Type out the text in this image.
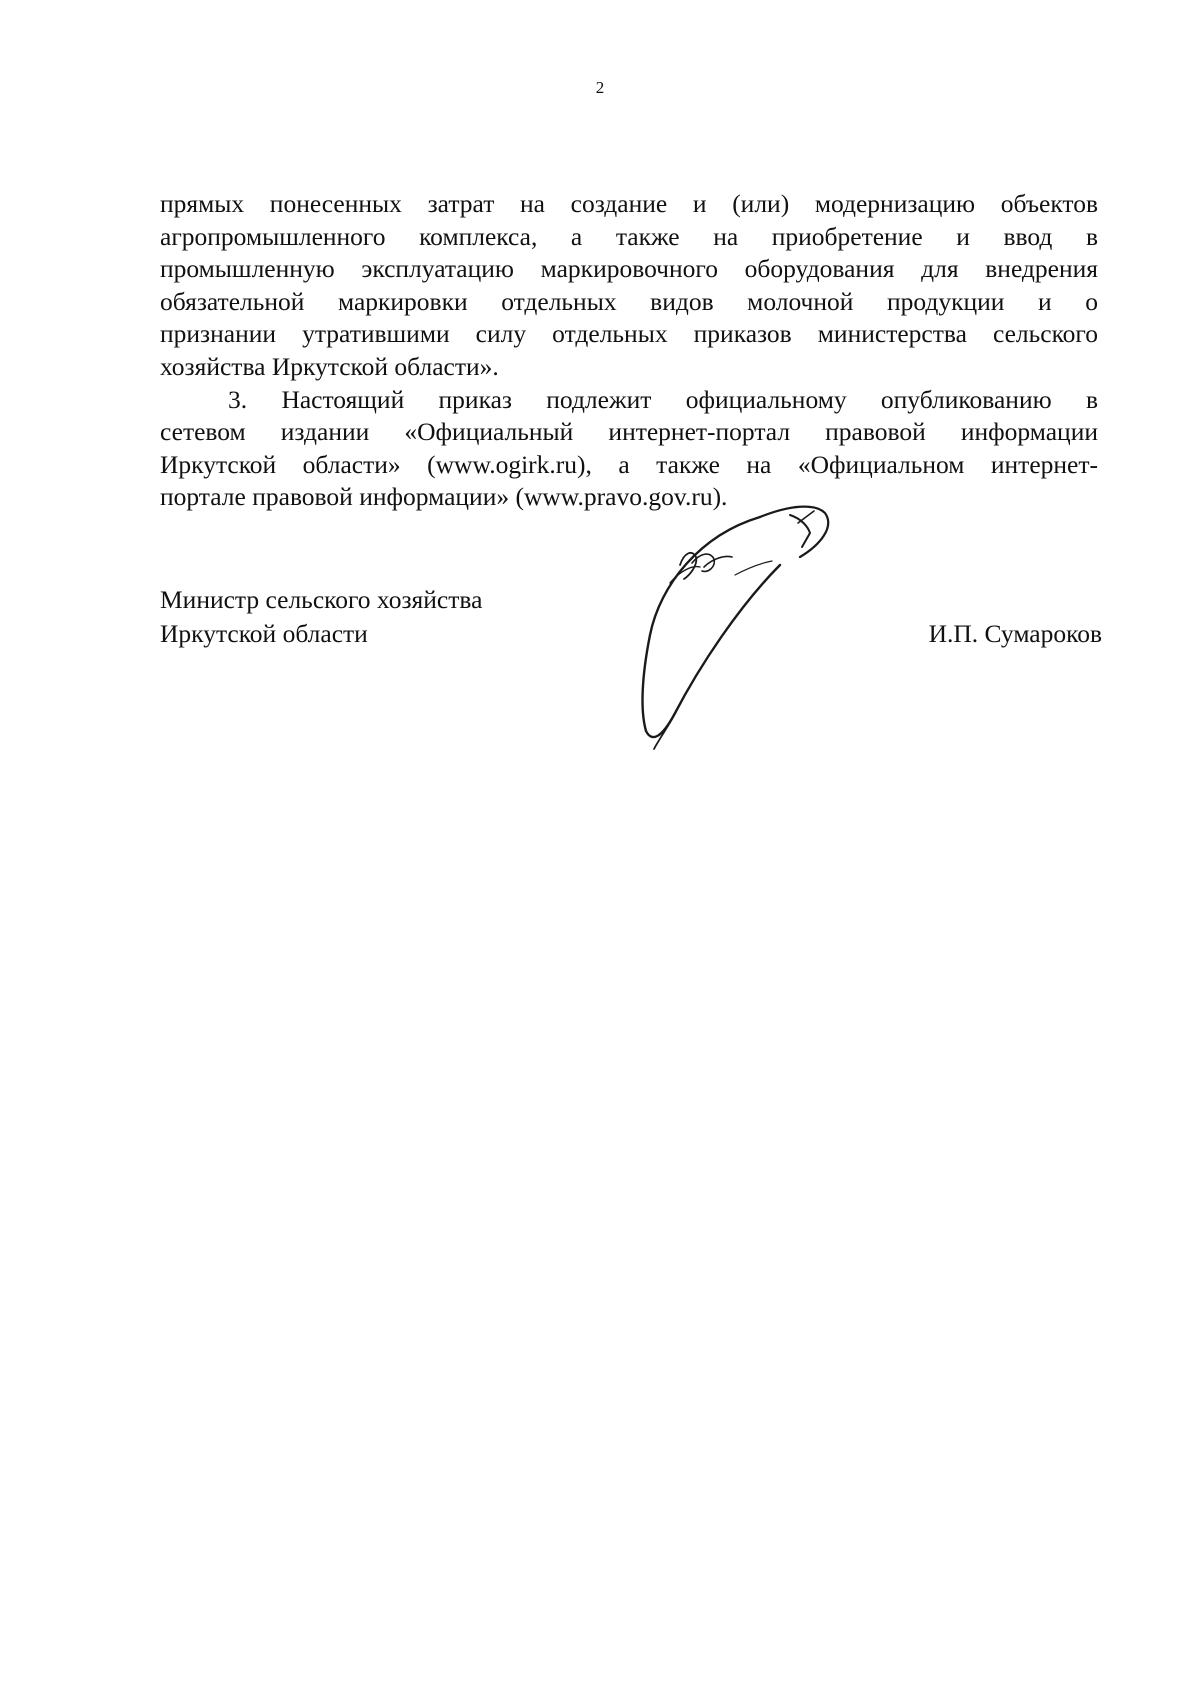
2
прямых понесенных затрат на создание и (или) модернизацию объектов
агропромышленного комплекса, а также на приобретение и ввод в
промышленную эксплуатацию маркировочного оборудования для внедрения
обязательной маркировки отдельных видов молочной продукции и о
признании утратившими силу отдельных приказов министерства сельского
хозяйства Иркутской области».
3. Настоящий приказ подлежит официальному опубликованию в
сетевом издании «Официальный интернет-портал правовой информации
Иркутской области» (www.ogirk.ru), а также на «Официальном интернет-
портале правовой информации» (www.pravo.gov.ru).
Министр сельского хозяйства
Иркутской области	И.П. Сумароков
